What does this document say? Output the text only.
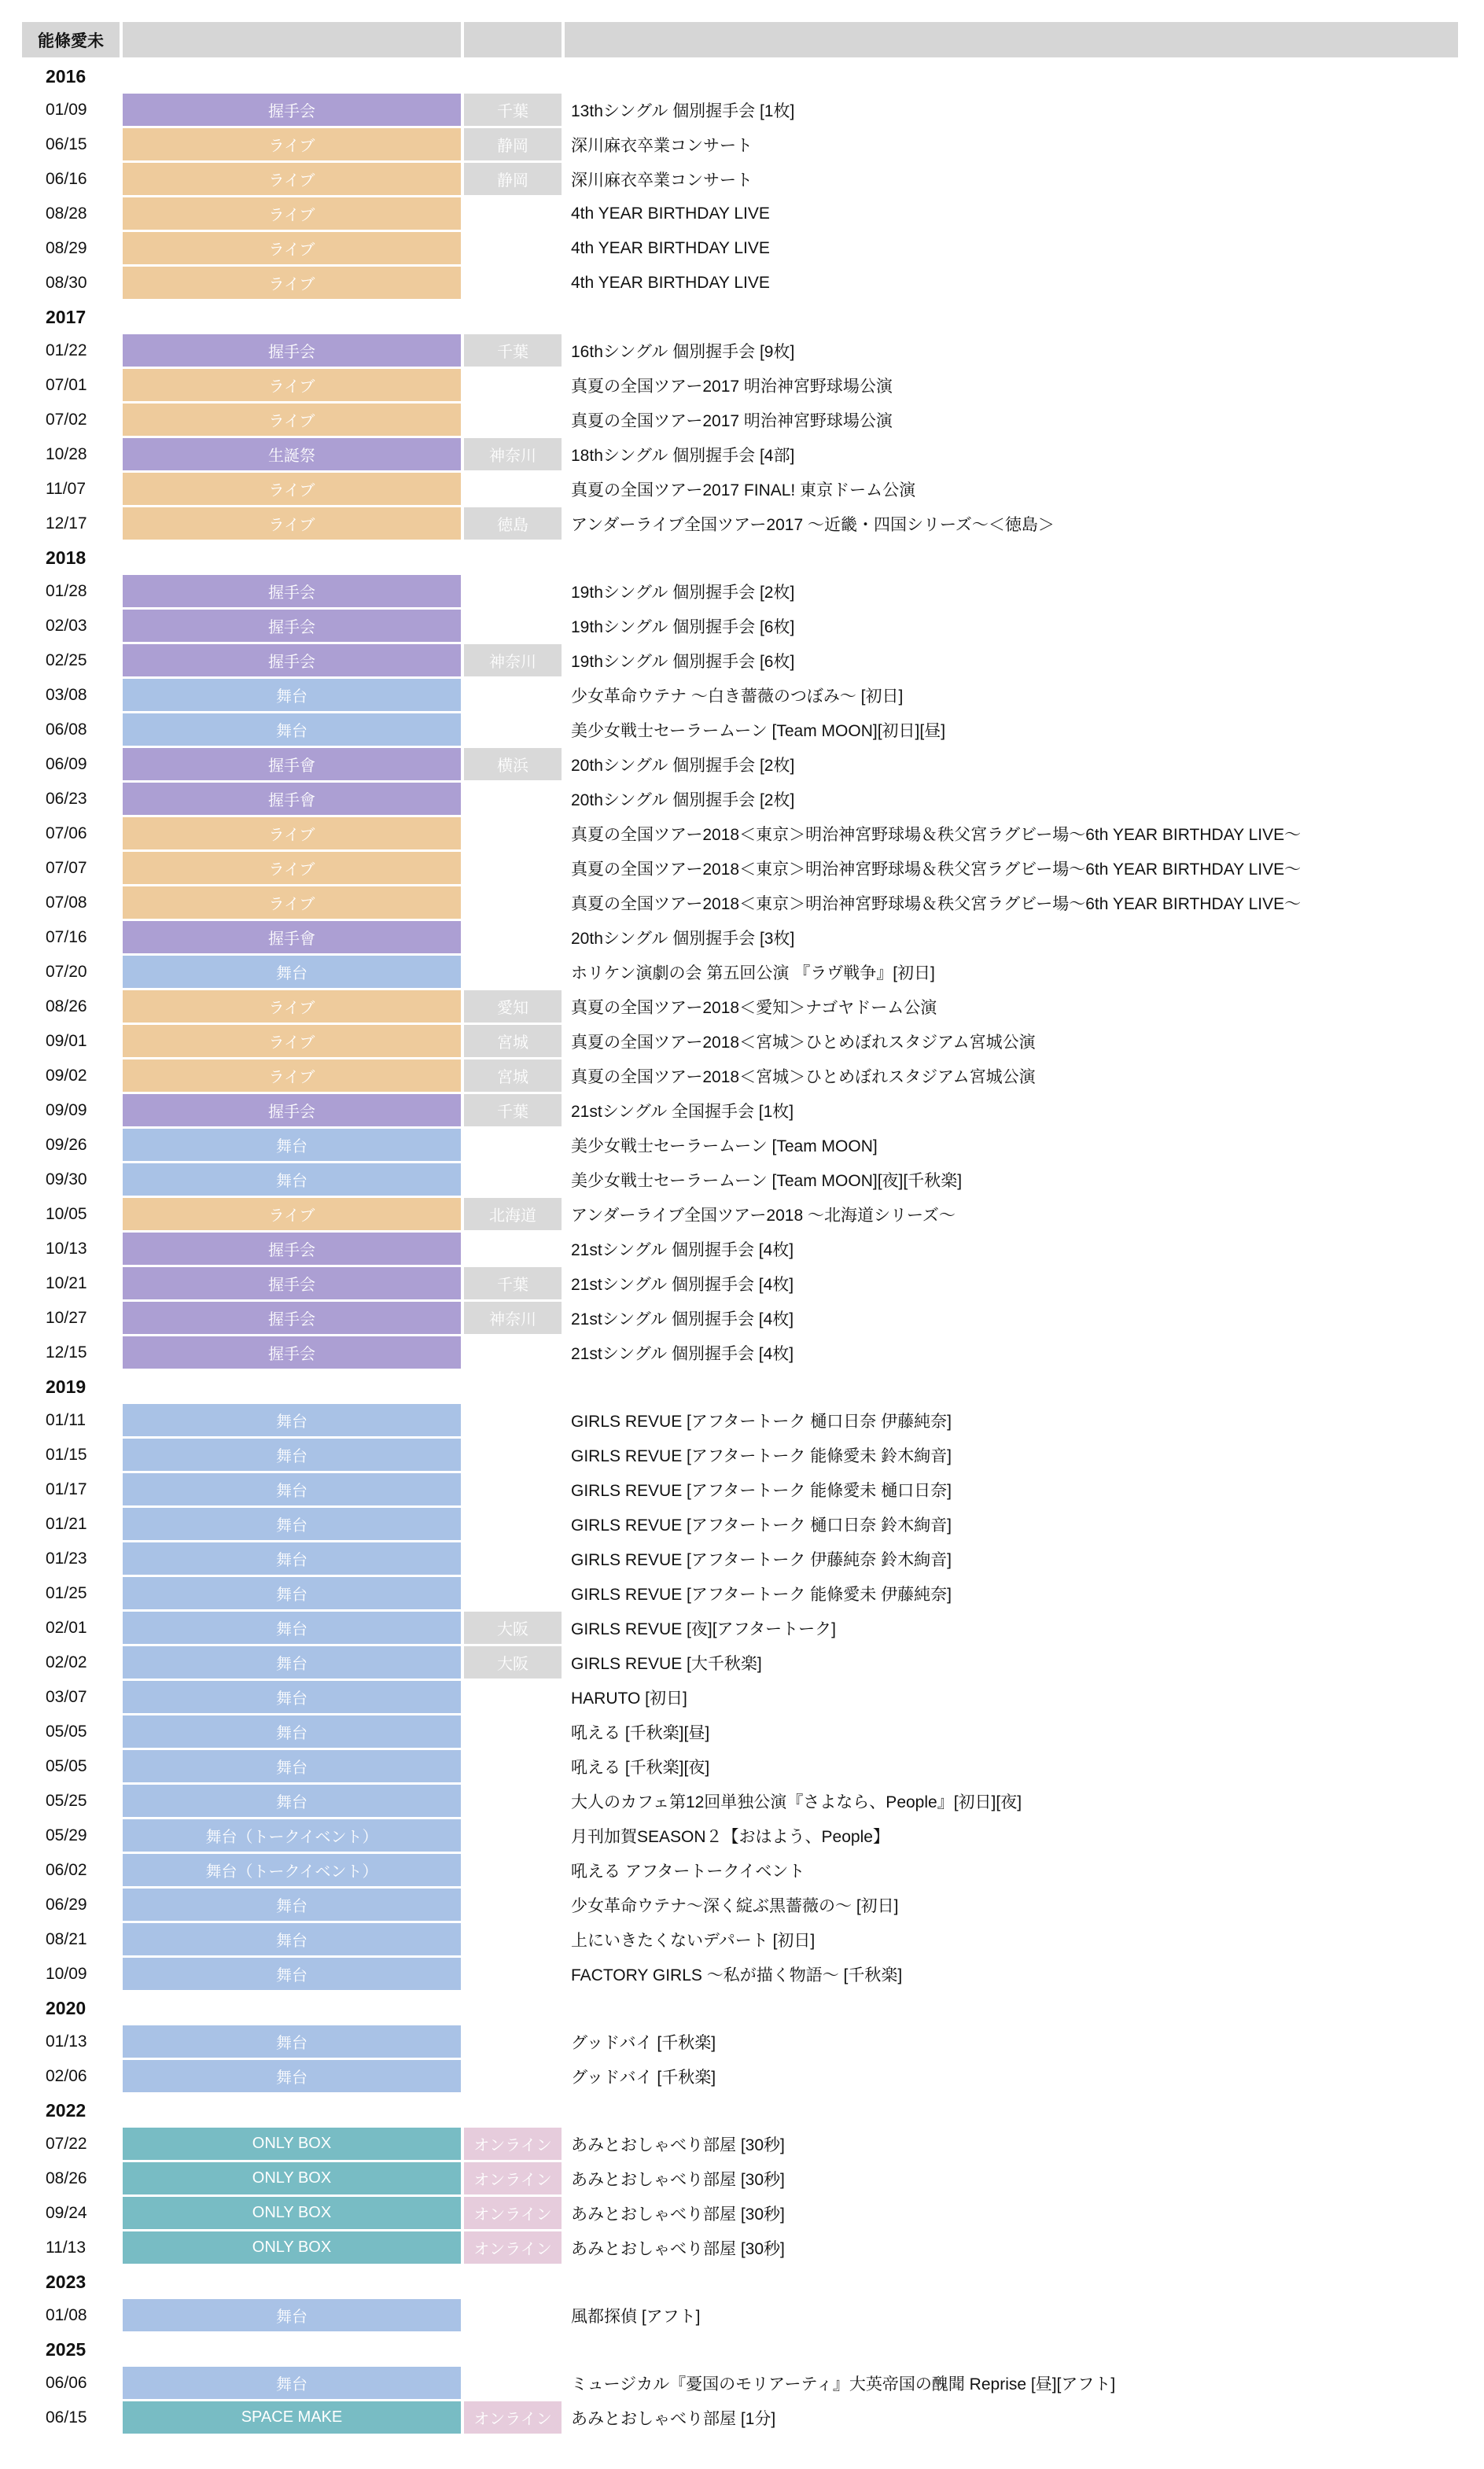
能條愛未
2016
01/09	握手会	千葉	13thシングル 個別握手会 [1枚]
06/15	ライブ	静岡	深川麻衣卒業コンサート
06/16	ライブ	静岡	深川麻衣卒業コンサート
08/28	ライブ	4th YEAR BIRTHDAY LIVE
08/29	ライブ	4th YEAR BIRTHDAY LIVE
08/30	ライブ	4th YEAR BIRTHDAY LIVE
2017
01/22	握手会	千葉	16thシングル 個別握手会 [9枚]
07/01	ライブ	真夏の全国ツアー2017 明治神宮野球場公演
07/02	ライブ	真夏の全国ツアー2017 明治神宮野球場公演
10/28	生誕祭	神奈川	18thシングル 個別握手会 [4部]
11/07	ライブ	真夏の全国ツアー2017 FINAL! 東京ドーム公演
12/17	ライブ	徳島	アンダーライブ全国ツアー2017 ～近畿・四国シリーズ～＜徳島＞
2018
01/28	握手会	19thシングル 個別握手会 [2枚]
02/03	握手会	19thシングル 個別握手会 [6枚]
02/25	握手会	神奈川	19thシングル 個別握手会 [6枚]
03/08	舞台	少女革命ウテナ ～白き薔薇のつぼみ～ [初日]
06/08	舞台	美少女戦士セーラームーン [Team MOON][初日][昼]
06/09	握手會	横浜	20thシングル 個別握手会 [2枚]
06/23	握手會	20thシングル 個別握手会 [2枚]
07/06	ライブ	真夏の全国ツアー2018＜東京＞明治神宮野球場＆秩父宮ラグビー場～6th YEAR BIRTHDAY LIVE～
07/07	ライブ	真夏の全国ツアー2018＜東京＞明治神宮野球場＆秩父宮ラグビー場～6th YEAR BIRTHDAY LIVE～
07/08	ライブ	真夏の全国ツアー2018＜東京＞明治神宮野球場＆秩父宮ラグビー場～6th YEAR BIRTHDAY LIVE～
07/16	握手會	20thシングル 個別握手会 [3枚]
07/20	舞台	ホリケン演劇の会 第五回公演 『ラヴ戦争』[初日]
08/26	ライブ	愛知	真夏の全国ツアー2018＜愛知＞ナゴヤドーム公演
09/01	ライブ	宮城	真夏の全国ツアー2018＜宮城＞ひとめぼれスタジアム宮城公演
09/02	ライブ	宮城	真夏の全国ツアー2018＜宮城＞ひとめぼれスタジアム宮城公演
09/09	握手会	千葉	21stシングル 全国握手会 [1枚]
09/26	舞台	美少女戦士セーラームーン [Team MOON]
09/30	舞台	美少女戦士セーラームーン [Team MOON][夜][千秋楽]
10/05	ライブ	北海道	アンダーライブ全国ツアー2018 ～北海道シリーズ～
10/13	握手会	21stシングル 個別握手会 [4枚]
10/21	握手会	千葉	21stシングル 個別握手会 [4枚]
10/27	握手会	神奈川	21stシングル 個別握手会 [4枚]
12/15	握手会	21stシングル 個別握手会 [4枚]
2019
01/11	舞台	GIRLS REVUE [アフタートーク 樋口日奈 伊藤純奈]
01/15	舞台	GIRLS REVUE [アフタートーク 能條愛未 鈴木絢音]
01/17	舞台	GIRLS REVUE [アフタートーク 能條愛未 樋口日奈]
01/21	舞台	GIRLS REVUE [アフタートーク 樋口日奈 鈴木絢音]
01/23	舞台	GIRLS REVUE [アフタートーク 伊藤純奈 鈴木絢音]
01/25	舞台	GIRLS REVUE [アフタートーク 能條愛未 伊藤純奈]
02/01	舞台	大阪	GIRLS REVUE [夜][アフタートーク]
02/02	舞台	大阪	GIRLS REVUE [大千秋楽]
03/07	舞台	HARUTO [初日]
05/05	舞台	吼える [千秋楽][昼]
05/05	舞台	吼える [千秋楽][夜]
05/25	舞台	大人のカフェ第12回単独公演『さよなら、People』[初日][夜]
05/29	舞台（トークイベント）	月刊加賀SEASON２【おはよう、People】
06/02	舞台（トークイベント）	吼える アフタートークイベント
06/29	舞台	少女革命ウテナ～深く綻ぶ黒薔薇の～ [初日]
08/21	舞台	上にいきたくないデパート [初日]
10/09	舞台	FACTORY GIRLS ～私が描く物語～ [千秋楽]
2020
01/13	舞台	グッドバイ [千秋楽]
02/06	舞台	グッドバイ [千秋楽]
2022
07/22	ONLY BOX	オンライン	あみとおしゃべり部屋 [30秒]
08/26	ONLY BOX	オンライン	あみとおしゃべり部屋 [30秒]
09/24	ONLY BOX	オンライン	あみとおしゃべり部屋 [30秒]
11/13	ONLY BOX	オンライン	あみとおしゃべり部屋 [30秒]
2023
01/08	舞台	風都探偵 [アフト]
2025
06/06	舞台	ミュージカル『憂国のモリアーティ』大英帝国の醜聞 Reprise [昼][アフト]
06/15	SPACE MAKE	オンライン	あみとおしゃべり部屋 [1分]
